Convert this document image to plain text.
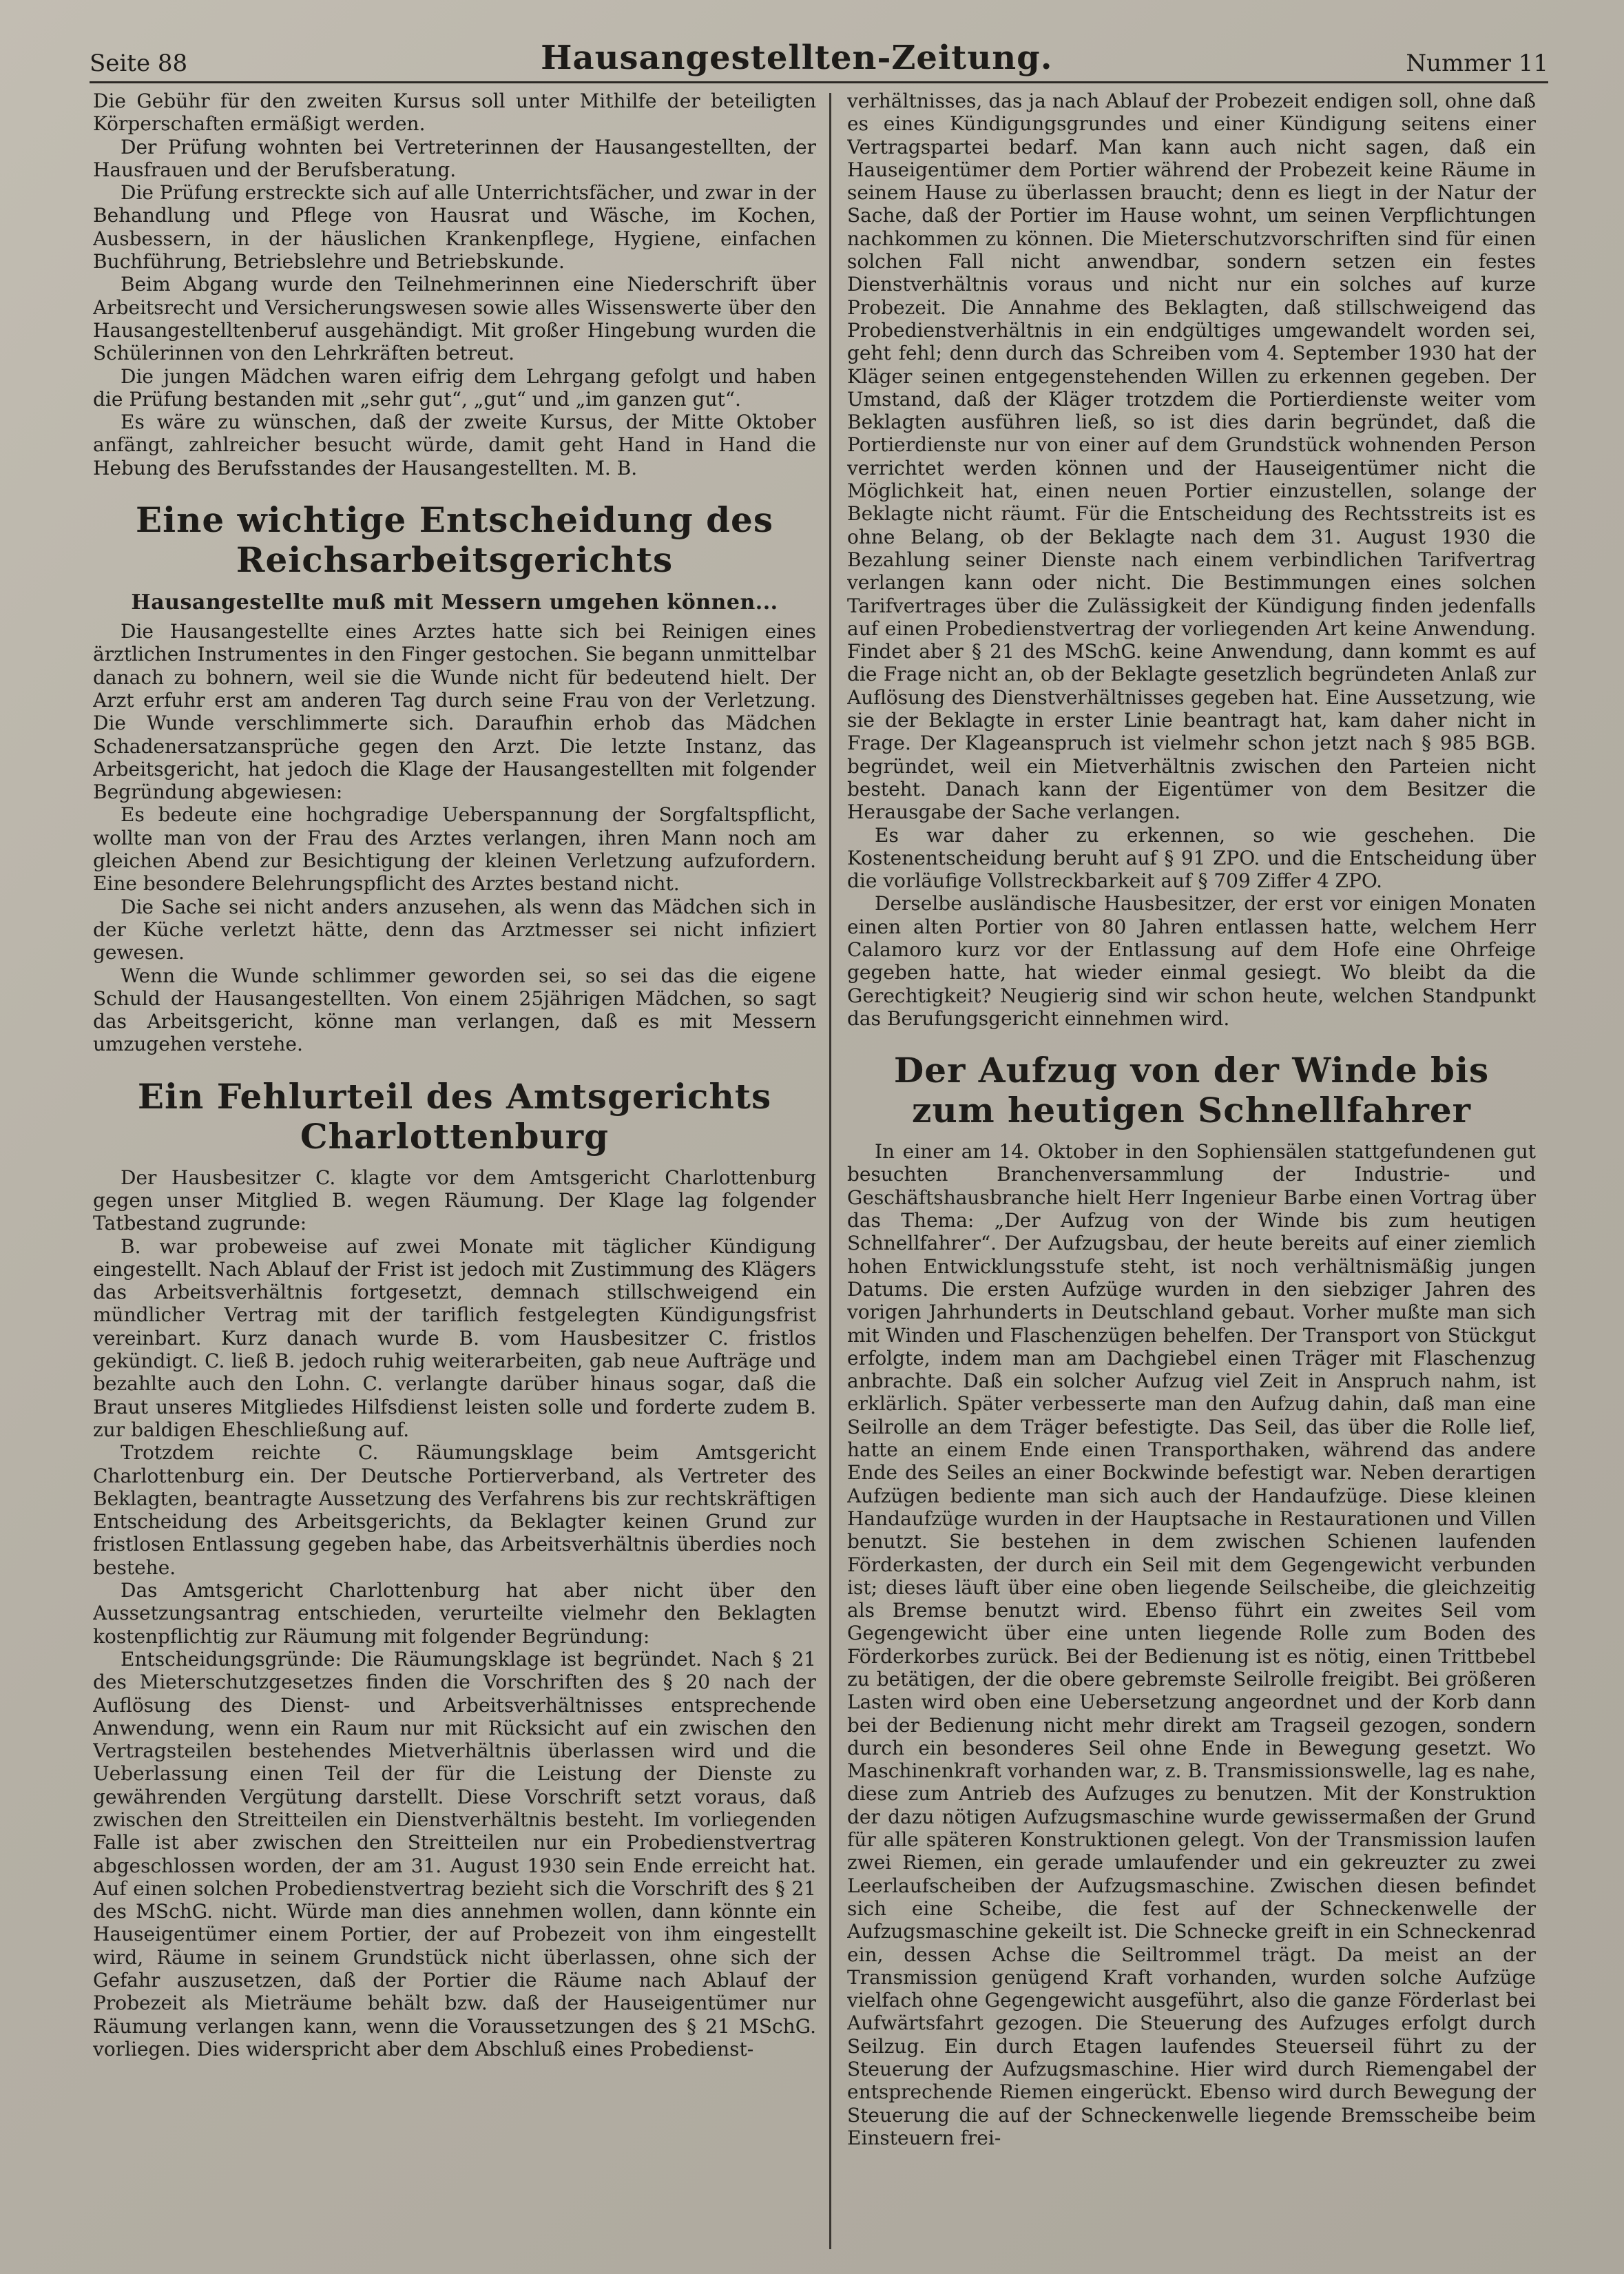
Seite 88	Hausangestellten-Zeitung.	Nummer 11

Die Gebühr für den zweiten Kursus soll unter Mithilfe der beteiligten Körperschaften ermäßigt werden.

Der Prüfung wohnten bei Vertreterinnen der Hausangestellten, der Hausfrauen und der Berufsberatung.

Die Prüfung erstreckte sich auf alle Unterrichtsfächer, und zwar in der Behandlung und Pflege von Hausrat und Wäsche, im Kochen, Ausbessern, in der häuslichen Krankenpflege, Hygiene, einfachen Buchführung, Betriebslehre und Betriebskunde.

Beim Abgang wurde den Teilnehmerinnen eine Niederschrift über Arbeitsrecht und Versicherungswesen sowie alles Wissenswerte über den Hausangestelltenberuf ausgehändigt. Mit großer Hingebung wurden die Schülerinnen von den Lehrkräften betreut.

Die jungen Mädchen waren eifrig dem Lehrgang gefolgt und haben die Prüfung bestanden mit „sehr gut“, „gut“ und „im ganzen gut“.

Es wäre zu wünschen, daß der zweite Kursus, der Mitte Oktober anfängt, zahlreicher besucht würde, damit geht Hand in Hand die Hebung des Berufsstandes der Hausangestellten. M. B.

Eine wichtige Entscheidung des Reichsarbeitsgerichts
Hausangestellte muß mit Messern umgehen können...

Die Hausangestellte eines Arztes hatte sich bei Reinigen eines ärztlichen Instrumentes in den Finger gestochen. Sie begann unmittelbar danach zu bohnern, weil sie die Wunde nicht für bedeutend hielt. Der Arzt erfuhr erst am anderen Tag durch seine Frau von der Verletzung. Die Wunde verschlimmerte sich. Daraufhin erhob das Mädchen Schadenersatzansprüche gegen den Arzt. Die letzte Instanz, das Arbeitsgericht, hat jedoch die Klage der Hausangestellten mit folgender Begründung abgewiesen:

Es bedeute eine hochgradige Ueberspannung der Sorgfaltspflicht, wollte man von der Frau des Arztes verlangen, ihren Mann noch am gleichen Abend zur Besichtigung der kleinen Verletzung aufzufordern. Eine besondere Belehrungspflicht des Arztes bestand nicht.

Die Sache sei nicht anders anzusehen, als wenn das Mädchen sich in der Küche verletzt hätte, denn das Arztmesser sei nicht infiziert gewesen.

Wenn die Wunde schlimmer geworden sei, so sei das die eigene Schuld der Hausangestellten. Von einem 25jährigen Mädchen, so sagt das Arbeitsgericht, könne man verlangen, daß es mit Messern umzugehen verstehe.

Ein Fehlurteil des Amtsgerichts Charlottenburg

Der Hausbesitzer C. klagte vor dem Amtsgericht Charlottenburg gegen unser Mitglied B. wegen Räumung. Der Klage lag folgender Tatbestand zugrunde:

B. war probeweise auf zwei Monate mit täglicher Kündigung eingestellt. Nach Ablauf der Frist ist jedoch mit Zustimmung des Klägers das Arbeitsverhältnis fortgesetzt, demnach stillschweigend ein mündlicher Vertrag mit der tariflich festgelegten Kündigungsfrist vereinbart. Kurz danach wurde B. vom Hausbesitzer C. fristlos gekündigt. C. ließ B. jedoch ruhig weiterarbeiten, gab neue Aufträge und bezahlte auch den Lohn. C. verlangte darüber hinaus sogar, daß die Braut unseres Mitgliedes Hilfsdienst leisten solle und forderte zudem B. zur baldigen Eheschließung auf.

Trotzdem reichte C. Räumungsklage beim Amtsgericht Charlottenburg ein. Der Deutsche Portierverband, als Vertreter des Beklagten, beantragte Aussetzung des Verfahrens bis zur rechtskräftigen Entscheidung des Arbeitsgerichts, da Beklagter keinen Grund zur fristlosen Entlassung gegeben habe, das Arbeitsverhältnis überdies noch bestehe.

Das Amtsgericht Charlottenburg hat aber nicht über den Aussetzungsantrag entschieden, verurteilte vielmehr den Beklagten kostenpflichtig zur Räumung mit folgender Begründung:

Entscheidungsgründe: Die Räumungsklage ist begründet. Nach § 21 des Mieterschutzgesetzes finden die Vorschriften des § 20 nach der Auflösung des Dienst- und Arbeitsverhältnisses entsprechende Anwendung, wenn ein Raum nur mit Rücksicht auf ein zwischen den Vertragsteilen bestehendes Mietverhältnis überlassen wird und die Ueberlassung einen Teil der für die Leistung der Dienste zu gewährenden Vergütung darstellt. Diese Vorschrift setzt voraus, daß zwischen den Streitteilen ein Dienstverhältnis besteht. Im vorliegenden Falle ist aber zwischen den Streitteilen nur ein Probedienstvertrag abgeschlossen worden, der am 31. August 1930 sein Ende erreicht hat. Auf einen solchen Probedienstvertrag bezieht sich die Vorschrift des § 21 des MSchG. nicht. Würde man dies annehmen wollen, dann könnte ein Hauseigentümer einem Portier, der auf Probezeit von ihm eingestellt wird, Räume in seinem Grundstück nicht überlassen, ohne sich der Gefahr auszusetzen, daß der Portier die Räume nach Ablauf der Probezeit als Mieträume behält bzw. daß der Hauseigentümer nur Räumung verlangen kann, wenn die Voraussetzungen des § 21 MSchG. vorliegen. Dies widerspricht aber dem Abschluß eines Probedienst-

verhältnisses, das ja nach Ablauf der Probezeit endigen soll, ohne daß es eines Kündigungsgrundes und einer Kündigung seitens einer Vertragspartei bedarf. Man kann auch nicht sagen, daß ein Hauseigentümer dem Portier während der Probezeit keine Räume in seinem Hause zu überlassen braucht; denn es liegt in der Natur der Sache, daß der Portier im Hause wohnt, um seinen Verpflichtungen nachkommen zu können. Die Mieterschutzvorschriften sind für einen solchen Fall nicht anwendbar, sondern setzen ein festes Dienstverhältnis voraus und nicht nur ein solches auf kurze Probezeit. Die Annahme des Beklagten, daß stillschweigend das Probedienstverhältnis in ein endgültiges umgewandelt worden sei, geht fehl; denn durch das Schreiben vom 4. September 1930 hat der Kläger seinen entgegenstehenden Willen zu erkennen gegeben. Der Umstand, daß der Kläger trotzdem die Portierdienste weiter vom Beklagten ausführen ließ, so ist dies darin begründet, daß die Portierdienste nur von einer auf dem Grundstück wohnenden Person verrichtet werden können und der Hauseigentümer nicht die Möglichkeit hat, einen neuen Portier einzustellen, solange der Beklagte nicht räumt. Für die Entscheidung des Rechtsstreits ist es ohne Belang, ob der Beklagte nach dem 31. August 1930 die Bezahlung seiner Dienste nach einem verbindlichen Tarifvertrag verlangen kann oder nicht. Die Bestimmungen eines solchen Tarifvertrages über die Zulässigkeit der Kündigung finden jedenfalls auf einen Probedienstvertrag der vorliegenden Art keine Anwendung. Findet aber § 21 des MSchG. keine Anwendung, dann kommt es auf die Frage nicht an, ob der Beklagte gesetzlich begründeten Anlaß zur Auflösung des Dienstverhältnisses gegeben hat. Eine Aussetzung, wie sie der Beklagte in erster Linie beantragt hat, kam daher nicht in Frage. Der Klageanspruch ist vielmehr schon jetzt nach § 985 BGB. begründet, weil ein Mietverhältnis zwischen den Parteien nicht besteht. Danach kann der Eigentümer von dem Besitzer die Herausgabe der Sache verlangen.

Es war daher zu erkennen, so wie geschehen. Die Kostenentscheidung beruht auf § 91 ZPO. und die Entscheidung über die vorläufige Vollstreckbarkeit auf § 709 Ziffer 4 ZPO.

Derselbe ausländische Hausbesitzer, der erst vor einigen Monaten einen alten Portier von 80 Jahren entlassen hatte, welchem Herr Calamoro kurz vor der Entlassung auf dem Hofe eine Ohrfeige gegeben hatte, hat wieder einmal gesiegt. Wo bleibt da die Gerechtigkeit? Neugierig sind wir schon heute, welchen Standpunkt das Berufungsgericht einnehmen wird.

Der Aufzug von der Winde bis zum heutigen Schnellfahrer

In einer am 14. Oktober in den Sophiensälen stattgefundenen gut besuchten Branchenversammlung der Industrie- und Geschäftshausbranche hielt Herr Ingenieur Barbe einen Vortrag über das Thema: „Der Aufzug von der Winde bis zum heutigen Schnellfahrer“. Der Aufzugsbau, der heute bereits auf einer ziemlich hohen Entwicklungsstufe steht, ist noch verhältnismäßig jungen Datums. Die ersten Aufzüge wurden in den siebziger Jahren des vorigen Jahrhunderts in Deutschland gebaut. Vorher mußte man sich mit Winden und Flaschenzügen behelfen. Der Transport von Stückgut erfolgte, indem man am Dachgiebel einen Träger mit Flaschenzug anbrachte. Daß ein solcher Aufzug viel Zeit in Anspruch nahm, ist erklärlich. Später verbesserte man den Aufzug dahin, daß man eine Seilrolle an dem Träger befestigte. Das Seil, das über die Rolle lief, hatte an einem Ende einen Transporthaken, während das andere Ende des Seiles an einer Bockwinde befestigt war. Neben derartigen Aufzügen bediente man sich auch der Handaufzüge. Diese kleinen Handaufzüge wurden in der Hauptsache in Restaurationen und Villen benutzt. Sie bestehen in dem zwischen Schienen laufenden Förderkasten, der durch ein Seil mit dem Gegengewicht verbunden ist; dieses läuft über eine oben liegende Seilscheibe, die gleichzeitig als Bremse benutzt wird. Ebenso führt ein zweites Seil vom Gegengewicht über eine unten liegende Rolle zum Boden des Förderkorbes zurück. Bei der Bedienung ist es nötig, einen Trittbebel zu betätigen, der die obere gebremste Seilrolle freigibt. Bei größeren Lasten wird oben eine Uebersetzung angeordnet und der Korb dann bei der Bedienung nicht mehr direkt am Tragseil gezogen, sondern durch ein besonderes Seil ohne Ende in Bewegung gesetzt. Wo Maschinenkraft vorhanden war, z. B. Transmissionswelle, lag es nahe, diese zum Antrieb des Aufzuges zu benutzen. Mit der Konstruktion der dazu nötigen Aufzugsmaschine wurde gewissermaßen der Grund für alle späteren Konstruktionen gelegt. Von der Transmission laufen zwei Riemen, ein gerade umlaufender und ein gekreuzter zu zwei Leerlaufscheiben der Aufzugsmaschine. Zwischen diesen befindet sich eine Scheibe, die fest auf der Schneckenwelle der Aufzugsmaschine gekeilt ist. Die Schnecke greift in ein Schneckenrad ein, dessen Achse die Seiltrommel trägt. Da meist an der Transmission genügend Kraft vorhanden, wurden solche Aufzüge vielfach ohne Gegengewicht ausgeführt, also die ganze Förderlast bei Aufwärtsfahrt gezogen. Die Steuerung des Aufzuges erfolgt durch Seilzug. Ein durch Etagen laufendes Steuerseil führt zu der Steuerung der Aufzugsmaschine. Hier wird durch Riemengabel der entsprechende Riemen eingerückt. Ebenso wird durch Bewegung der Steuerung die auf der Schneckenwelle liegende Bremsscheibe beim Einsteuern frei-
